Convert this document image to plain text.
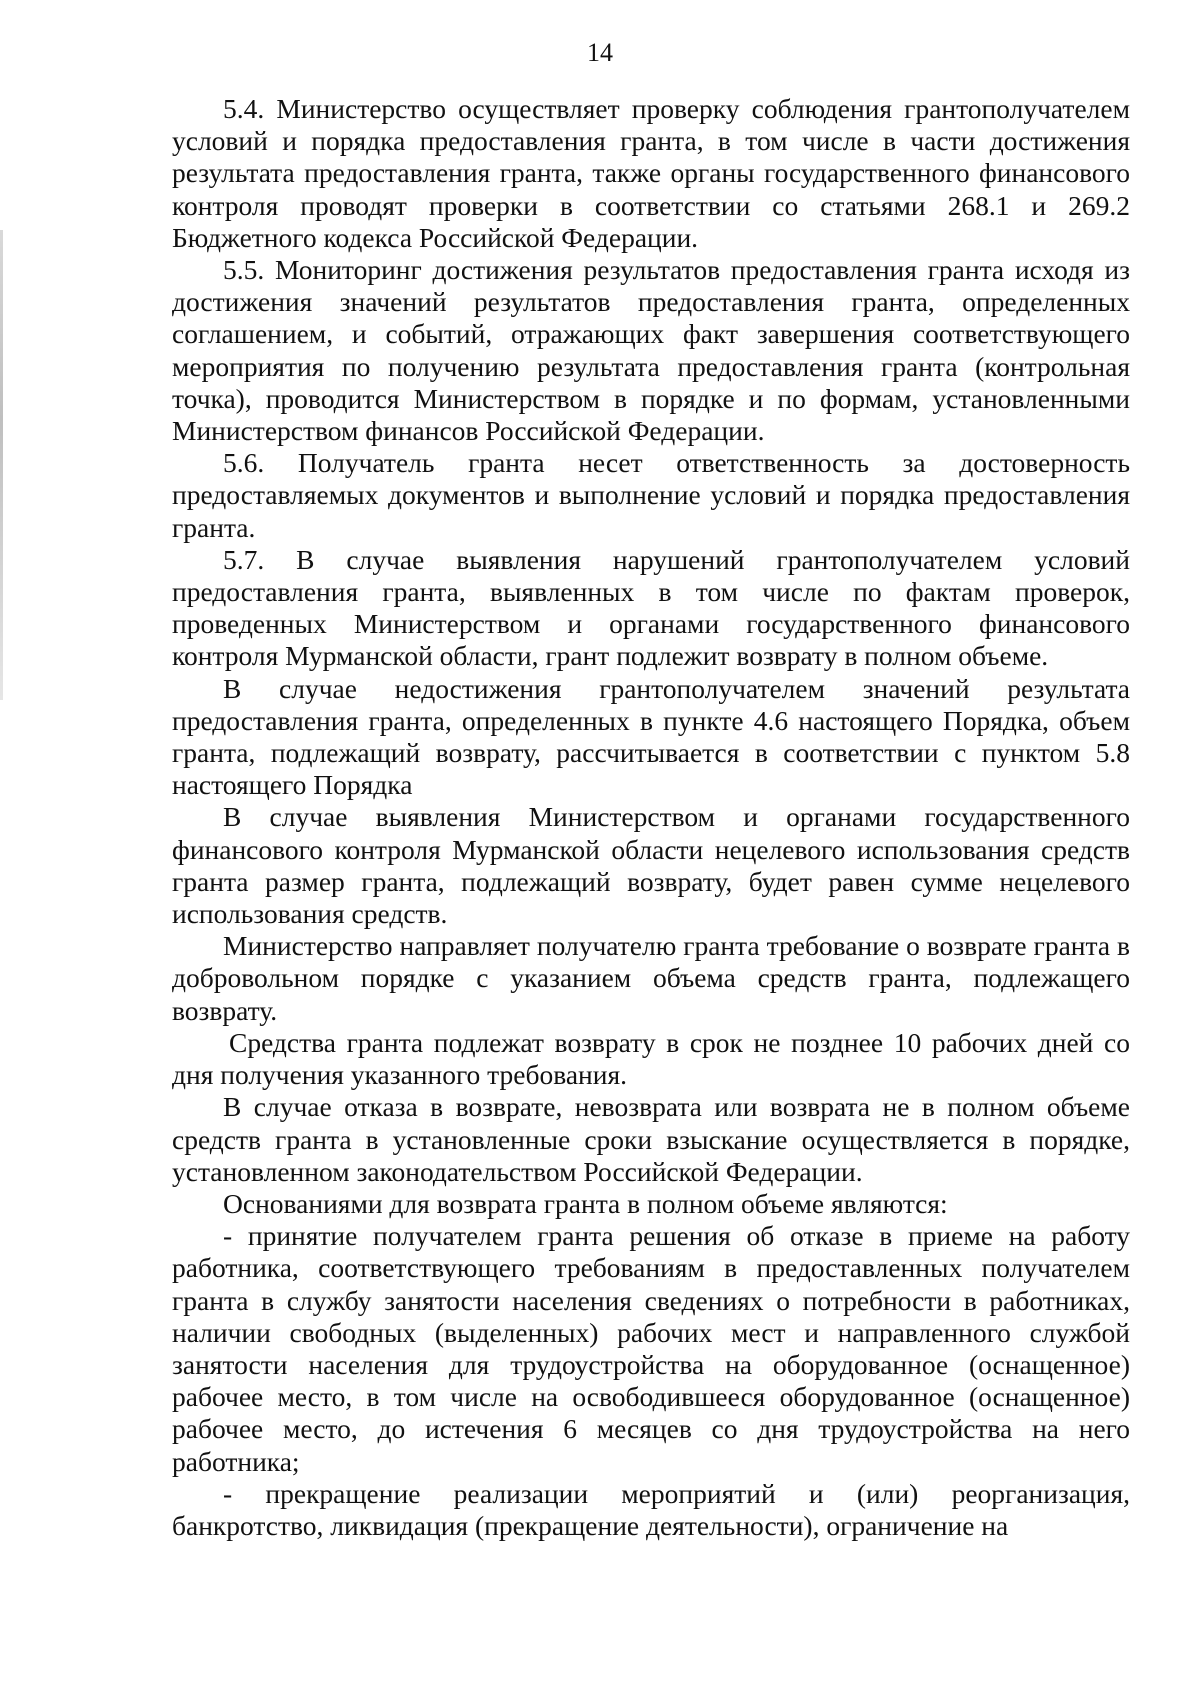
14

5.4. Министерство осуществляет проверку соблюдения грантополучателем условий и порядка предоставления гранта, в том числе в части достижения результата предоставления гранта, также органы государственного финансового контроля проводят проверки в соответствии со статьями 268.1 и 269.2 Бюджетного кодекса Российской Федерации.

5.5. Мониторинг достижения результатов предоставления гранта исходя из достижения значений результатов предоставления гранта, определенных соглашением, и событий, отражающих факт завершения соответствующего мероприятия по получению результата предоставления гранта (контрольная точка), проводится Министерством в порядке и по формам, установленными Министерством финансов Российской Федерации.

5.6. Получатель гранта несет ответственность за достоверность предоставляемых документов и выполнение условий и порядка предоставления гранта.

5.7. В случае выявления нарушений грантополучателем условий предоставления гранта, выявленных в том числе по фактам проверок, проведенных Министерством и органами государственного финансового контроля Мурманской области, грант подлежит возврату в полном объеме.

В случае недостижения грантополучателем значений результата предоставления гранта, определенных в пункте 4.6 настоящего Порядка, объем гранта, подлежащий возврату, рассчитывается в соответствии с пунктом 5.8 настоящего Порядка

В случае выявления Министерством и органами государственного финансового контроля Мурманской области нецелевого использования средств гранта размер гранта, подлежащий возврату, будет равен сумме нецелевого использования средств.

Министерство направляет получателю гранта требование о возврате гранта в добровольном порядке с указанием объема средств гранта, подлежащего возврату.

Средства гранта подлежат возврату в срок не позднее 10 рабочих дней со дня получения указанного требования.

В случае отказа в возврате, невозврата или возврата не в полном объеме средств гранта в установленные сроки взыскание осуществляется в порядке, установленном законодательством Российской Федерации.

Основаниями для возврата гранта в полном объеме являются:

- принятие получателем гранта решения об отказе в приеме на работу работника, соответствующего требованиям в предоставленных получателем гранта в службу занятости населения сведениях о потребности в работниках, наличии свободных (выделенных) рабочих мест и направленного службой занятости населения для трудоустройства на оборудованное (оснащенное) рабочее место, в том числе на освободившееся оборудованное (оснащенное) рабочее место, до истечения 6 месяцев со дня трудоустройства на него работника;

- прекращение реализации мероприятий и (или) реорганизация, банкротство, ликвидация (прекращение деятельности), ограничение на
